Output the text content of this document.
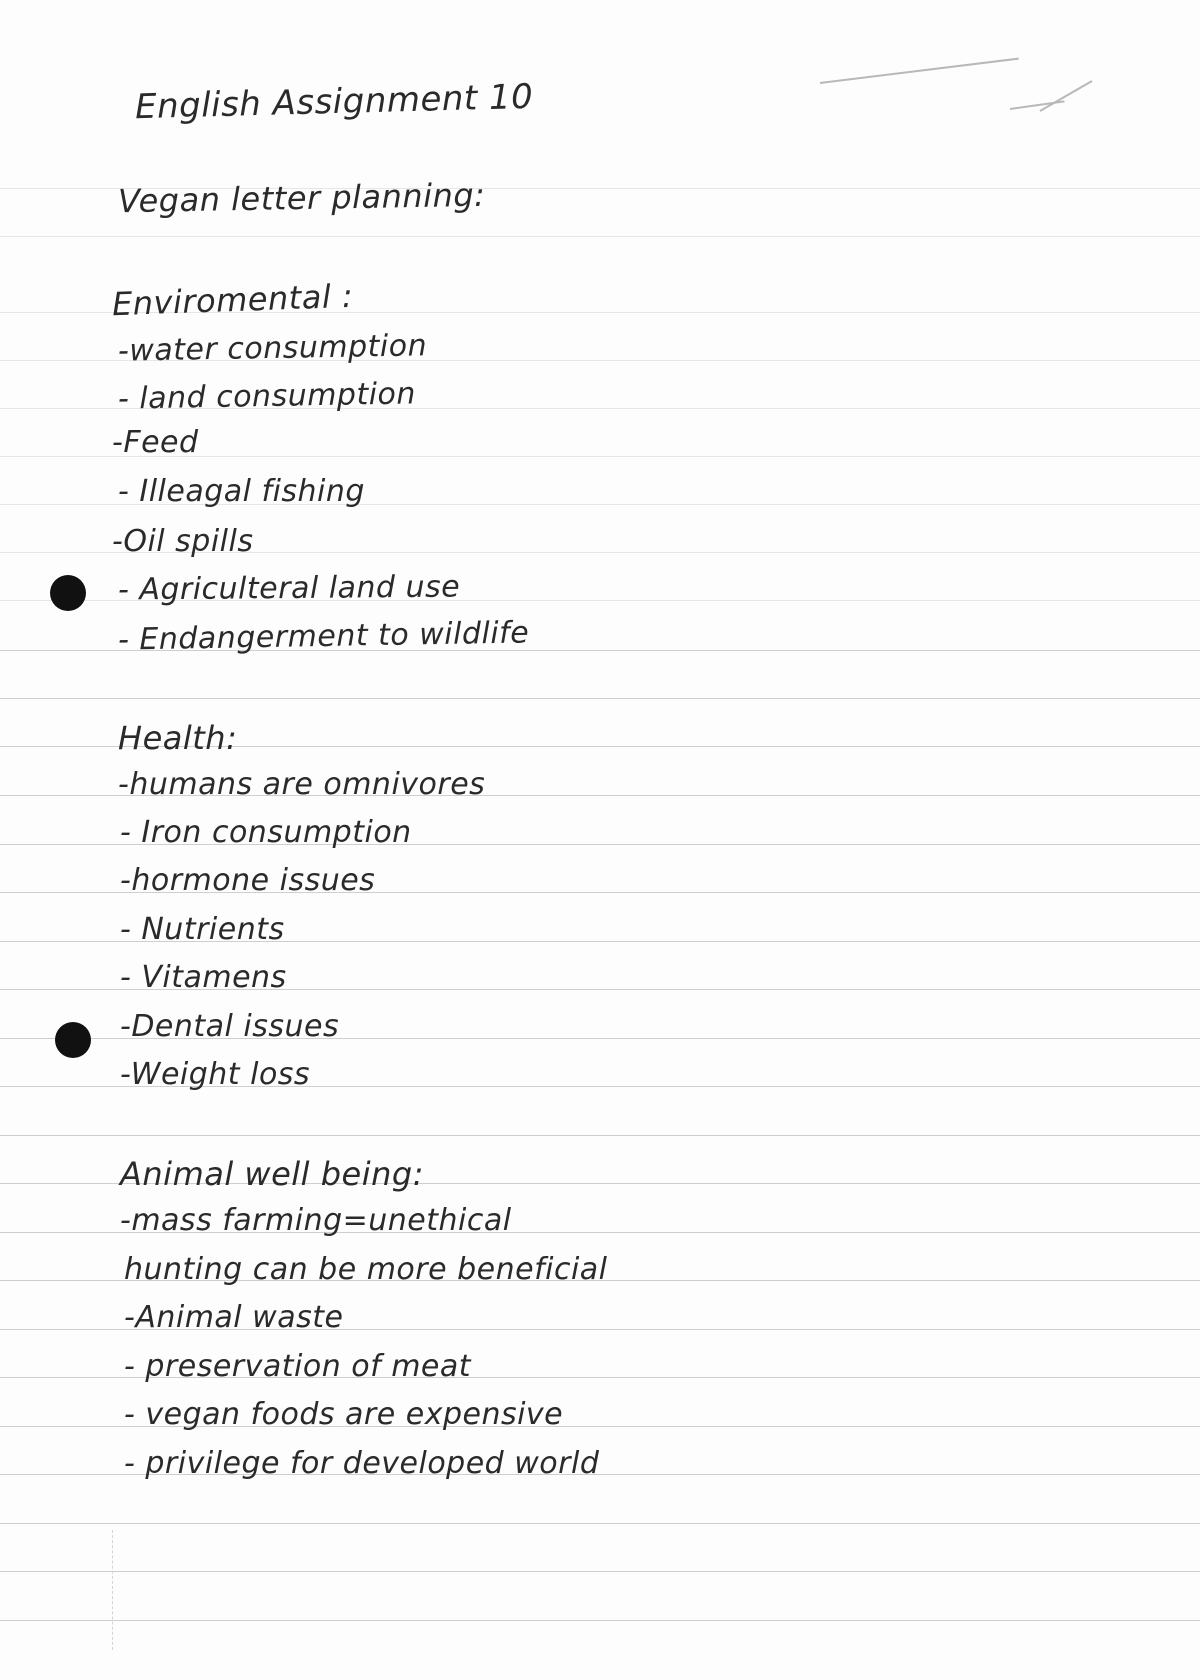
English Assignment 10
Vegan letter planning:
Enviromental :
-water consumption
- land consumption
-Feed
- Illeagal fishing
-Oil spills
- Agriculteral land use
- Endangerment to wildlife
Health:
-humans are omnivores
- Iron consumption
-hormone issues
- Nutrients
- Vitamens
-Dental issues
-Weight loss
Animal well being:
-mass farming=unethical
hunting can be more beneficial
-Animal waste
- preservation of meat
- vegan foods are expensive
- privilege for developed world
